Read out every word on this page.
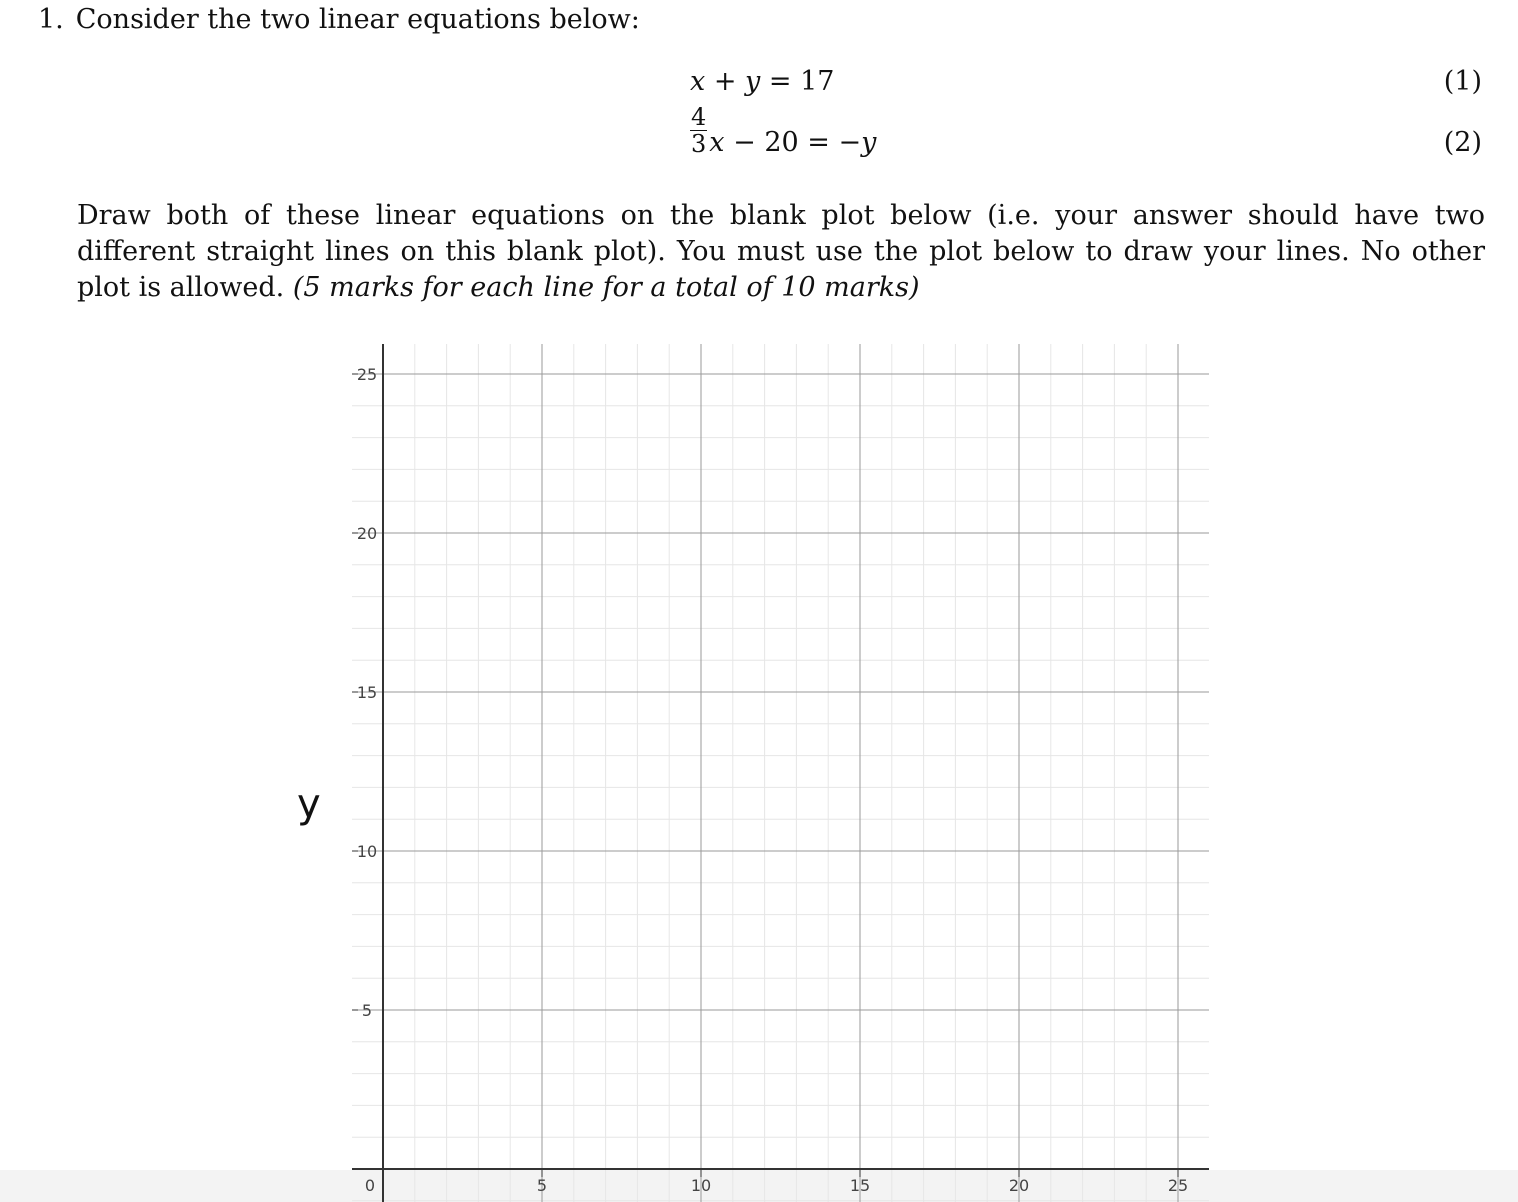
1. Consider the two linear equations below:
x + y = 17	(1)
$\frac{4}{3}$ x − 20 = −y	(2)
Draw both of these linear equations on the blank plot below (i.e. your answer should have two different straight lines on this blank plot). You must use the plot below to draw your lines. No other plot is allowed. (5 marks for each line for a total of 10 marks)
0	5	10	15	20	25
5
10
15
20
25
y
